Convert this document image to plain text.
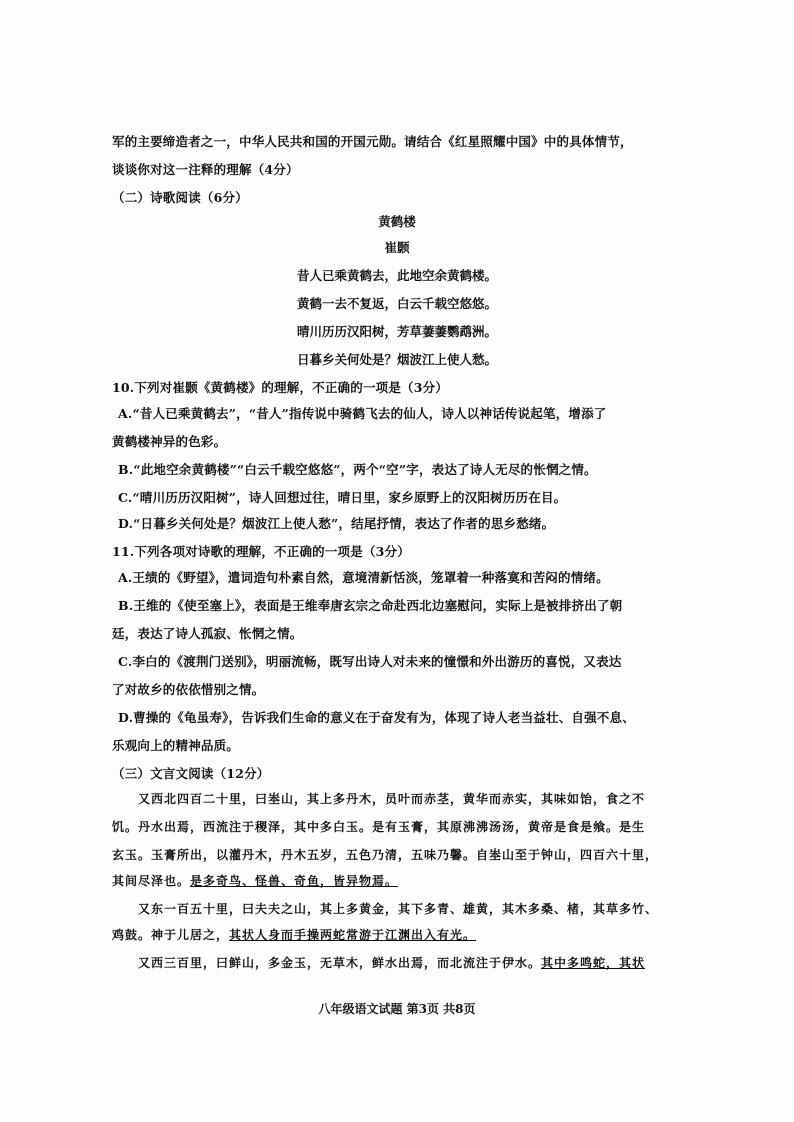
军的主要缔造者之一，中华人民共和国的开国元勋。请结合《红星照耀中国》中的具体情节，
谈谈你对这一注释的理解（4分）
（二）诗歌阅读（6分）
黄鹤楼
崔颢
昔人已乘黄鹤去，此地空余黄鹤楼。
黄鹤一去不复返，白云千载空悠悠。
晴川历历汉阳树，芳草萋萋鹦鹉洲。
日暮乡关何处是？烟波江上使人愁。
10.下列对崔颢《黄鹤楼》的理解，不正确的一项是（3分）
A.“昔人已乘黄鹤去”，“昔人”指传说中骑鹤飞去的仙人，诗人以神话传说起笔，增添了
黄鹤楼神异的色彩。
B.“此地空余黄鹤楼”“白云千载空悠悠”，两个“空”字，表达了诗人无尽的怅惘之情。
C.“晴川历历汉阳树”，诗人回想过往，晴日里，家乡原野上的汉阳树历历在目。
D.“日暮乡关何处是？烟波江上使人愁”，结尾抒情，表达了作者的思乡愁绪。
11.下列各项对诗歌的理解，不正确的一项是（3分）
A.王绩的《野望》，遣词造句朴素自然，意境清新恬淡，笼罩着一种落寞和苦闷的情绪。
B.王维的《使至塞上》，表面是王维奉唐玄宗之命赴西北边塞慰问，实际上是被排挤出了朝
廷，表达了诗人孤寂、怅惘之情。
C.李白的《渡荆门送别》，明丽流畅，既写出诗人对未来的憧憬和外出游历的喜悦，又表达
了对故乡的依依惜别之情。
D.曹操的《龟虽寿》，告诉我们生命的意义在于奋发有为，体现了诗人老当益壮、自强不息、
乐观向上的精神品质。
（三）文言文阅读（12分）
又西北四百二十里，曰峚山，其上多丹木，员叶而赤茎，黄华而赤实，其味如饴，食之不
饥。丹水出焉，西流注于稷泽，其中多白玉。是有玉膏，其原沸沸汤汤，黄帝是食是飨。是生
玄玉。玉膏所出，以灌丹木，丹木五岁，五色乃清，五味乃馨。自峚山至于钟山，四百六十里，
其间尽泽也。是多奇鸟、怪兽、奇鱼，皆异物焉。
又东一百五十里，曰夫夫之山，其上多黄金，其下多青、雄黄，其木多桑、楮，其草多竹、
鸡鼓。神于儿居之，其状人身而手操两蛇常游于江渊出入有光。
又西三百里，曰鲜山，多金玉，无草木，鲜水出焉，而北流注于伊水。其中多鸣蛇，其状
八年级语文试题 第3页 共8页
